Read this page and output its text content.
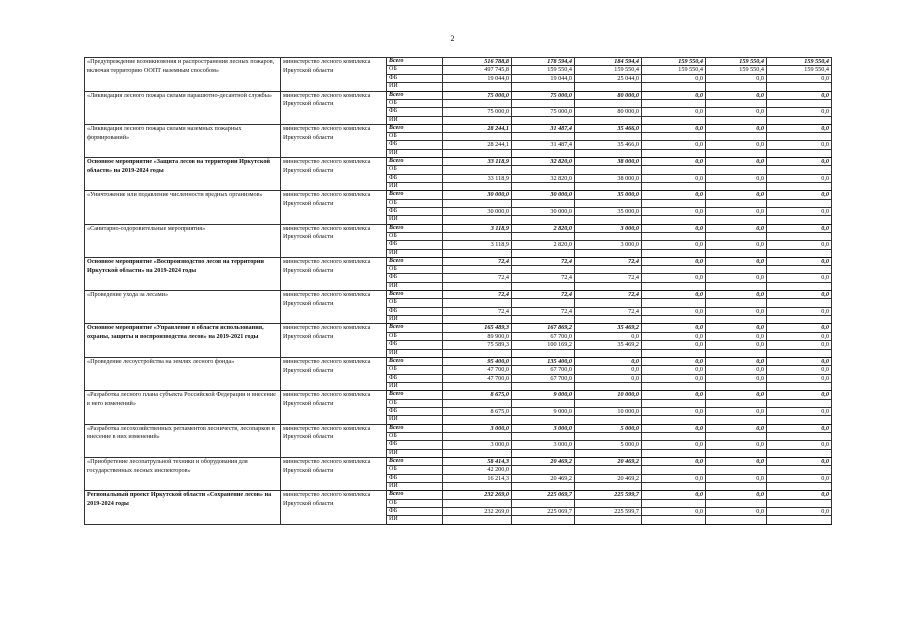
2
«Предупреждение возникновения и распространения лесных пожаров, включая территорию ООПТ наземным способом»	министерство лесного комплекса Иркутской области	Всего	516 788,8	178 594,4	184 594,4	159 550,4	159 550,4	159 550,4
		ОБ	497 745,8	159 550,4	159 550,4	159 550,4	159 550,4	159 550,4
		ФБ	19 044,0	19 044,0	25 044,0	0,0	0,0	0,0
		ИИ						
«Ликвидация лесного пожара силами парашютно-десантной службы»	министерство лесного комплекса Иркутской области	Всего	75 000,0	75 000,0	80 000,0	0,0	0,0	0,0
		ОБ						
		ФБ	75 000,0	75 000,0	80 000,0	0,0	0,0	0,0
		ИИ						
«Ликвидация лесного пожара силами наземных пожарных формирований»	министерство лесного комплекса Иркутской области	Всего	28 244,1	31 487,4	35 466,0	0,0	0,0	0,0
		ОБ						
		ФБ	28 244,1	31 487,4	35 466,0	0,0	0,0	0,0
		ИИ						
Основное мероприятие «Защита лесов на территории Иркутской области» на 2019-2024 годы	министерство лесного комплекса Иркутской области	Всего	33 118,9	32 820,0	38 000,0	0,0	0,0	0,0
		ОБ						
		ФБ	33 118,9	32 820,0	38 000,0	0,0	0,0	0,0
		ИИ						
«Уничтожение или подавление численности вредных организмов»	министерство лесного комплекса Иркутской области	Всего	30 000,0	30 000,0	35 000,0	0,0	0,0	0,0
		ОБ						
		ФБ	30 000,0	30 000,0	35 000,0	0,0	0,0	0,0
		ИИ						
«Санитарно-оздоровительные мероприятия»	министерство лесного комплекса Иркутской области	Всего	3 118,9	2 820,0	3 000,0	0,0	0,0	0,0
		ОБ						
		ФБ	3 118,9	2 820,0	3 000,0	0,0	0,0	0,0
		ИИ						
Основное мероприятие «Воспроизводство лесов на территории Иркутской области» на 2019-2024 годы	министерство лесного комплекса Иркутской области	Всего	72,4	72,4	72,4	0,0	0,0	0,0
		ОБ						
		ФБ	72,4	72,4	72,4	0,0	0,0	0,0
		ИИ						
«Проведение ухода за лесами»	министерство лесного комплекса Иркутской области	Всего	72,4	72,4	72,4	0,0	0,0	0,0
		ОБ						
		ФБ	72,4	72,4	72,4	0,0	0,0	0,0
		ИИ						
Основное мероприятие «Управление в области использования, охраны, защиты и воспроизводства лесов» на 2019-2021 годы	министерство лесного комплекса Иркутской области	Всего	165 489,3	167 869,2	35 469,2	0,0	0,0	0,0
		ОБ	89 900,0	67 700,0	0,0	0,0	0,0	0,0
		ФБ	75 589,3	100 169,2	35 469,2	0,0	0,0	0,0
		ИИ						
«Проведение лесоустройства на землях лесного фонда»	министерство лесного комплекса Иркутской области	Всего	95 400,0	135 400,0	0,0	0,0	0,0	0,0
		ОБ	47 700,0	67 700,0	0,0	0,0	0,0	0,0
		ФБ	47 700,0	67 700,0	0,0	0,0	0,0	0,0
		ИИ						
«Разработка лесного плана субъекта Российской Федерации и внесение в него изменений»	министерство лесного комплекса Иркутской области	Всего	8 675,0	9 000,0	10 000,0	0,0	0,0	0,0
		ОБ						
		ФБ	8 675,0	9 000,0	10 000,0	0,0	0,0	0,0
		ИИ						
«Разработка лесохозяйственных регламентов лесничеств, лесопарков и внесение в них изменений»	министерство лесного комплекса Иркутской области	Всего	3 000,0	3 000,0	5 000,0	0,0	0,0	0,0
		ОБ						
		ФБ	3 000,0	3 000,0	5 000,0	0,0	0,0	0,0
		ИИ						
«Приобретение лесопатрульной техники и оборудования для государственных лесных инспекторов»	министерство лесного комплекса Иркутской области	Всего	58 414,3	20 469,2	20 469,2	0,0	0,0	0,0
		ОБ	42 200,0					
		ФБ	16 214,3	20 469,2	20 469,2	0,0	0,0	0,0
		ИИ						
Региональный проект Иркутской области «Сохранение лесов» на 2019-2024 годы	министерство лесного комплекса Иркутской области	Всего	232 269,0	225 069,7	225 599,7	0,0	0,0	0,0
		ОБ						
		ФБ	232 269,0	225 069,7	225 599,7	0,0	0,0	0,0
		ИИ						
